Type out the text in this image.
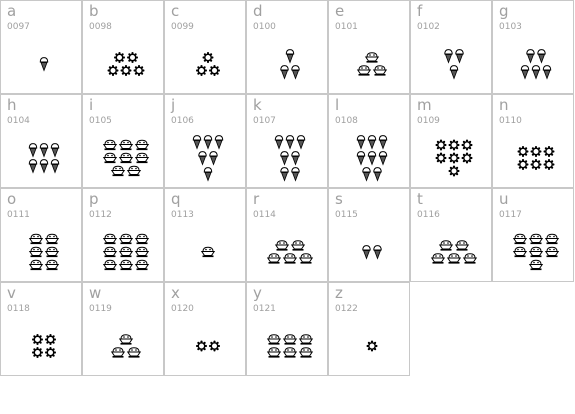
a
0097
b
0098
c
0099
d
0100
e
0101
f
0102
g
0103
h
0104
i
0105
j
0106
k
0107
l
0108
m
0109
n
0110
o
0111
p
0112
q
0113
r
0114
s
0115
t
0116
u
0117
v
0118
w
0119
x
0120
y
0121
z
0122
